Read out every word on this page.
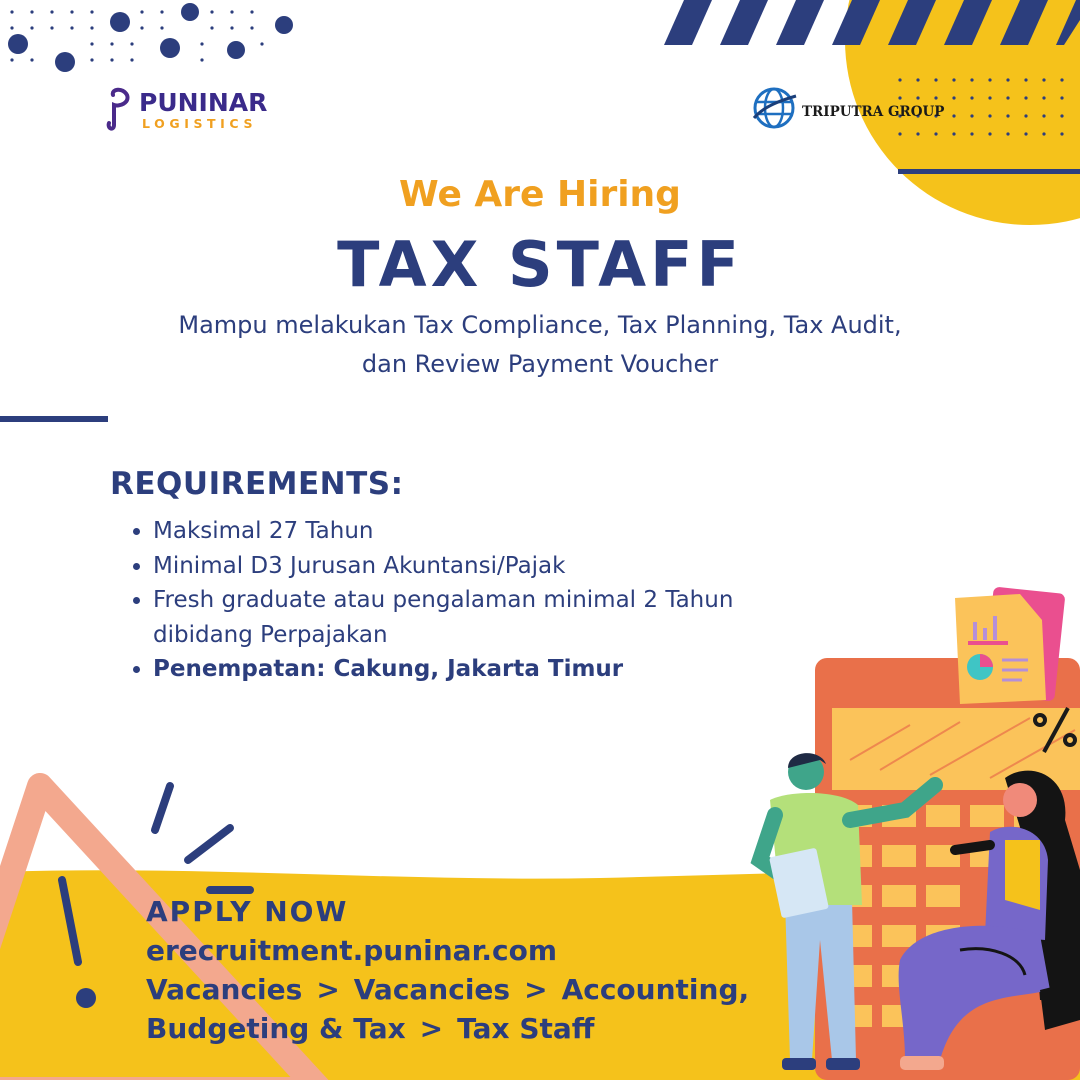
PUNINAR
LOGISTICS
TRIPUTRA GROUP
We Are Hiring
TAX STAFF
Mampu melakukan Tax Compliance, Tax Planning, Tax Audit, dan Review Payment Voucher
REQUIREMENTS:
• Maksimal 27 Tahun
• Minimal D3 Jurusan Akuntansi/Pajak
• Fresh graduate atau pengalaman minimal 2 Tahun dibidang Perpajakan
• Penempatan: Cakung, Jakarta Timur
APPLY NOW
erecruitment.puninar.com
Vacancies > Vacancies > Accounting, Budgeting & Tax > Tax Staff
